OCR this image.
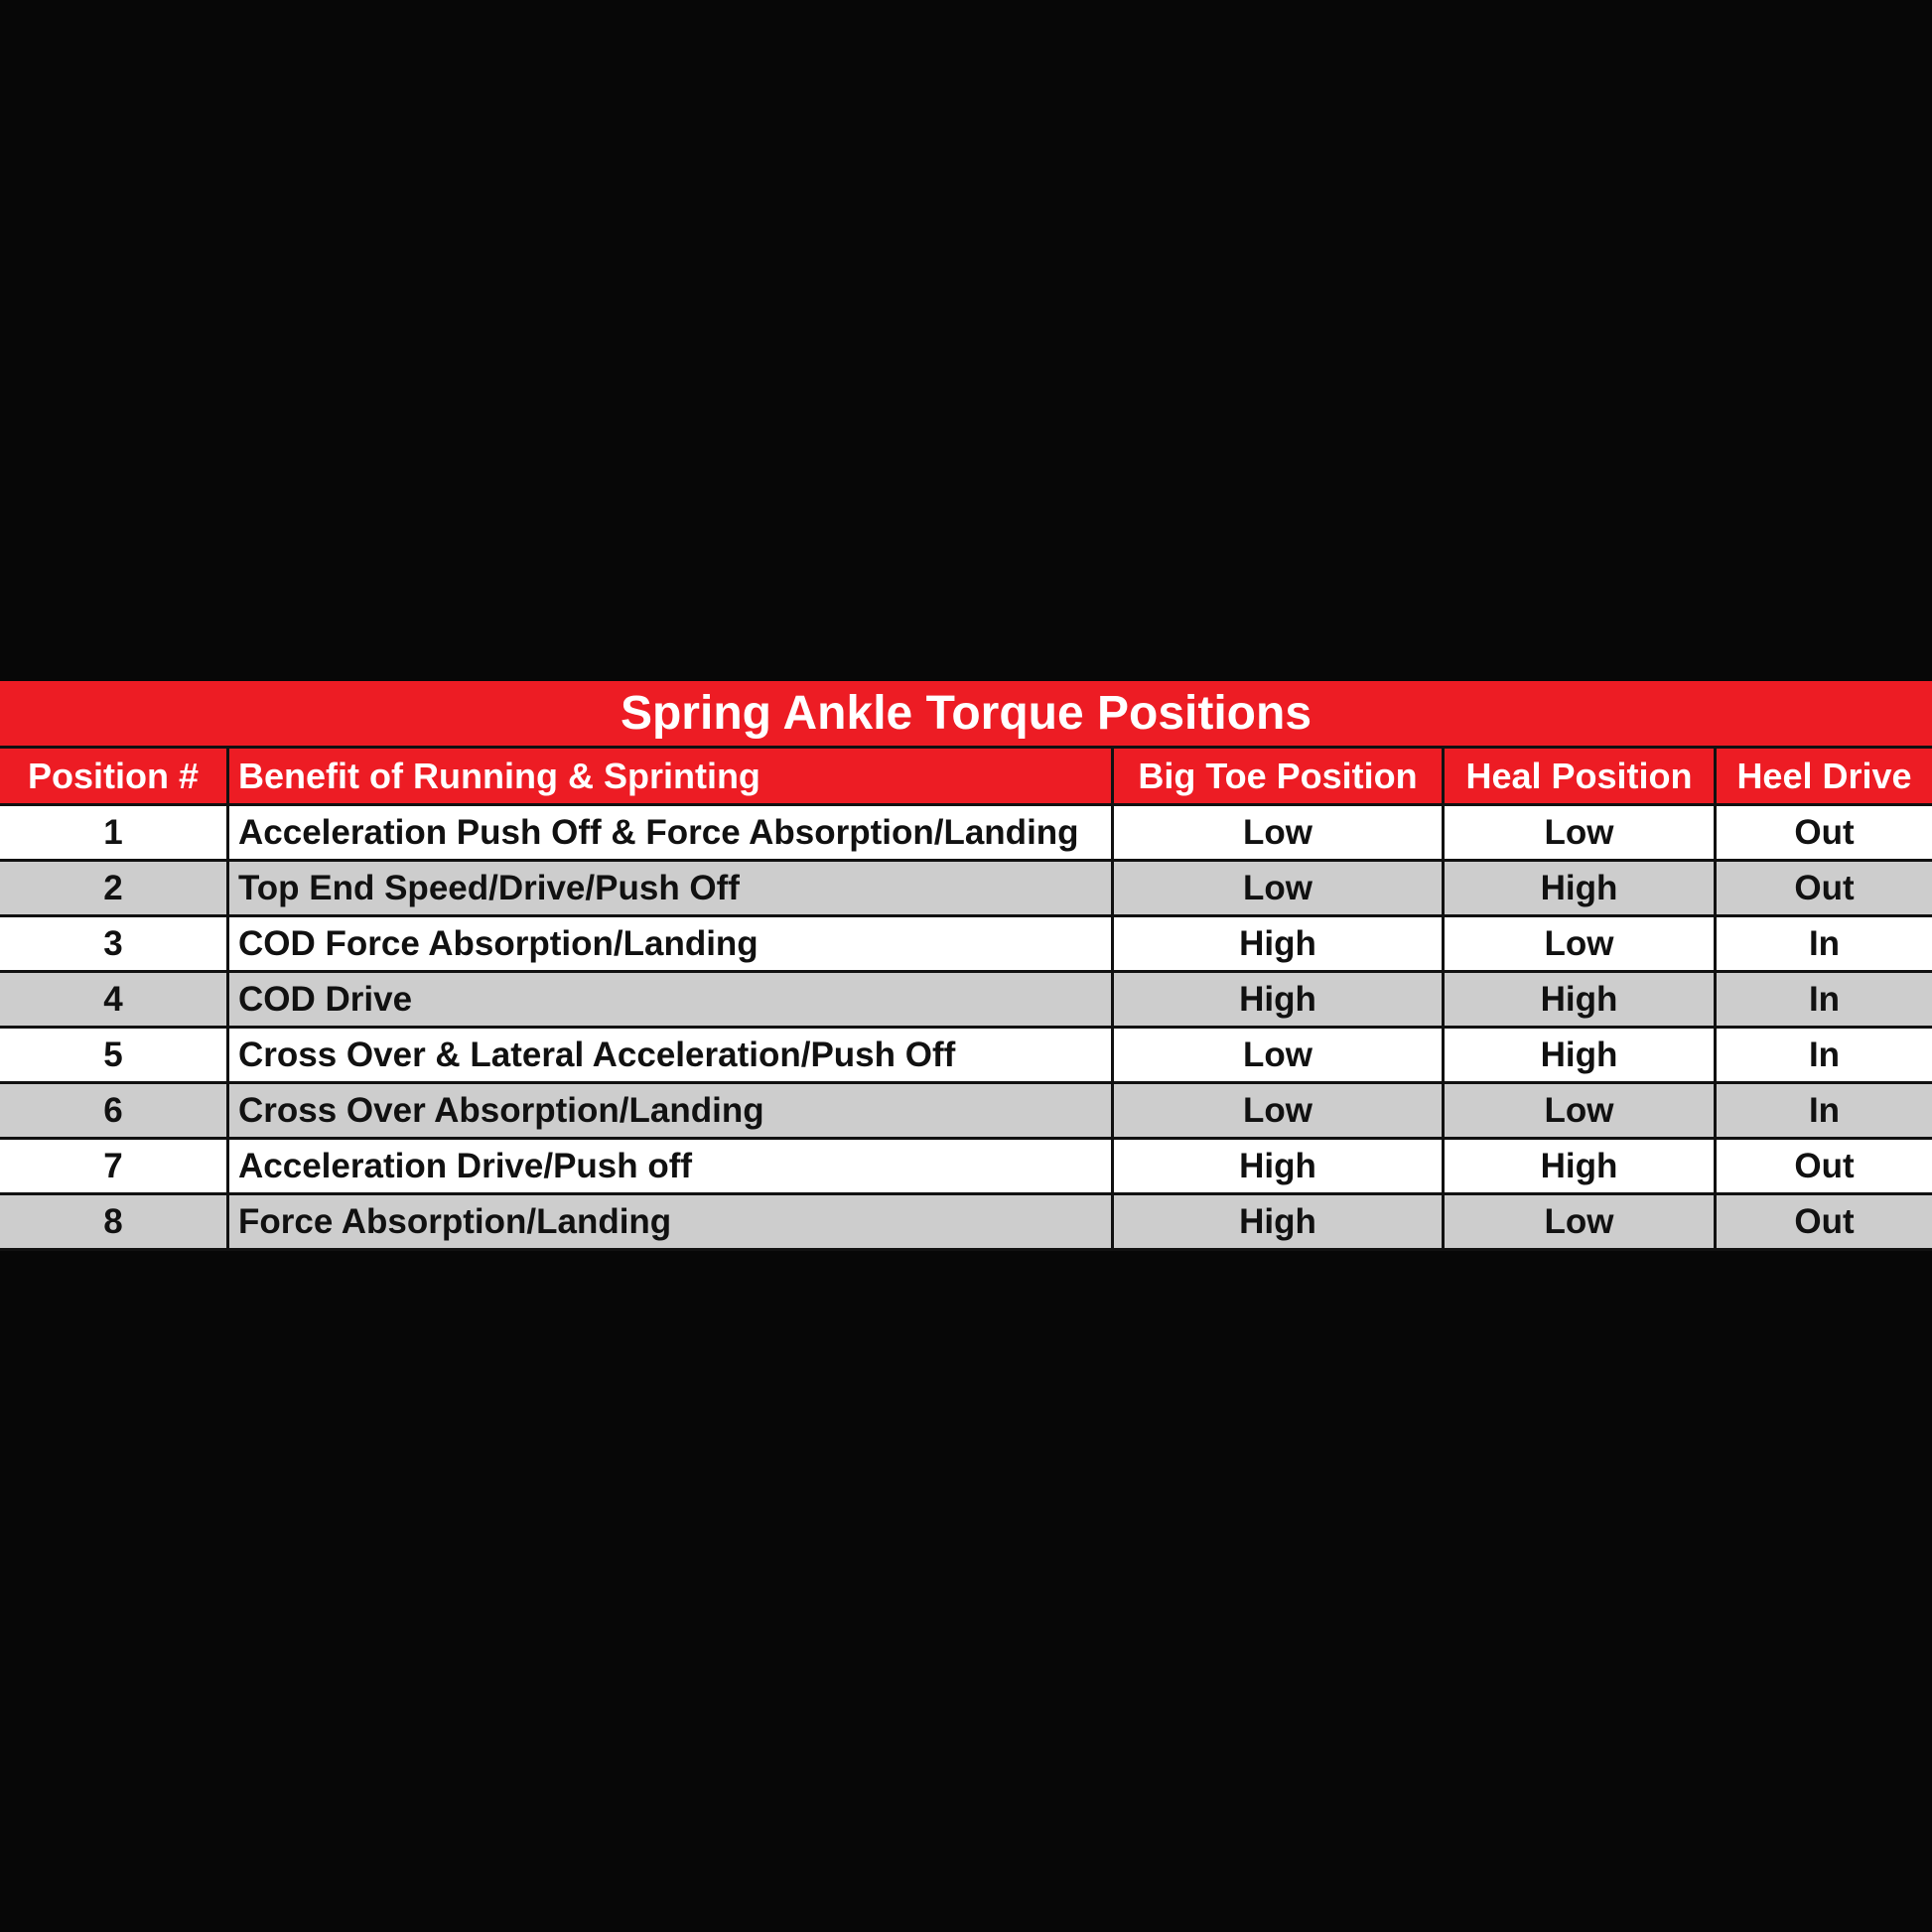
Spring Ankle Torque Positions
Position #	Benefit of Running & Sprinting	Big Toe Position	Heal Position	Heel Drive
1	Acceleration Push Off & Force Absorption/Landing	Low	Low	Out
2	Top End Speed/Drive/Push Off	Low	High	Out
3	COD Force Absorption/Landing	High	Low	In
4	COD Drive	High	High	In
5	Cross Over & Lateral Acceleration/Push Off	Low	High	In
6	Cross Over Absorption/Landing	Low	Low	In
7	Acceleration Drive/Push off	High	High	Out
8	Force Absorption/Landing	High	Low	Out
